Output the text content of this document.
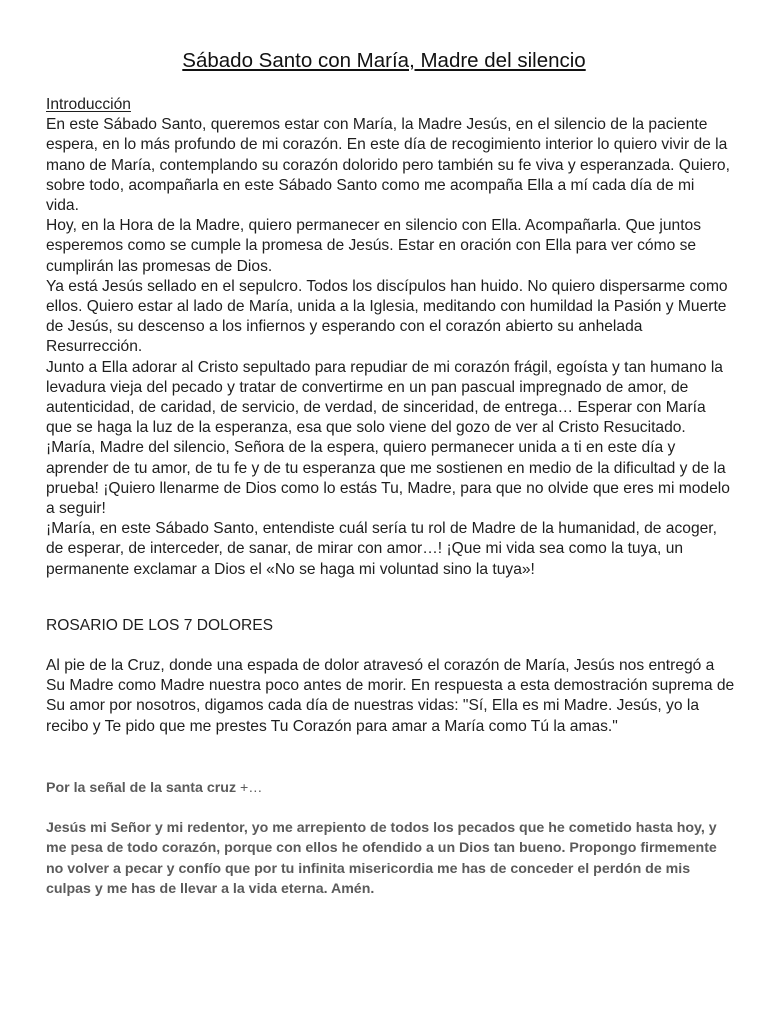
Sábado Santo con María, Madre del silencio

Introducción

En este Sábado Santo, queremos estar con María, la Madre Jesús, en el silencio de la paciente espera, en lo más profundo de mi corazón. En este día de recogimiento interior lo quiero vivir de la mano de María, contemplando su corazón dolorido pero también su fe viva y esperanzada. Quiero, sobre todo, acompañarla en este Sábado Santo como me acompaña Ella a mí cada día de mi vida.

Hoy, en la Hora de la Madre, quiero permanecer en silencio con Ella. Acompañarla. Que juntos esperemos como se cumple la promesa de Jesús. Estar en oración con Ella para ver cómo se cumplirán las promesas de Dios.

Ya está Jesús sellado en el sepulcro. Todos los discípulos han huido. No quiero dispersarme como ellos. Quiero estar al lado de María, unida a la Iglesia, meditando con humildad la Pasión y Muerte de Jesús, su descenso a los infiernos y esperando con el corazón abierto su anhelada Resurrección.

Junto a Ella adorar al Cristo sepultado para repudiar de mi corazón frágil, egoísta y tan humano la levadura vieja del pecado y tratar de convertirme en un pan pascual impregnado de amor, de autenticidad, de caridad, de servicio, de verdad, de sinceridad, de entrega… Esperar con María que se haga la luz de la esperanza, esa que solo viene del gozo de ver al Cristo Resucitado.

¡María, Madre del silencio, Señora de la espera, quiero permanecer unida a ti en este día y aprender de tu amor, de tu fe y de tu esperanza que me sostienen en medio de la dificultad y de la prueba! ¡Quiero llenarme de Dios como lo estás Tu, Madre, para que no olvide que eres mi modelo a seguir!

¡María, en este Sábado Santo, entendiste cuál sería tu rol de Madre de la humanidad, de acoger, de esperar, de interceder, de sanar, de mirar con amor…! ¡Que mi vida sea como la tuya, un permanente exclamar a Dios el «No se haga mi voluntad sino la tuya»!

ROSARIO DE LOS 7 DOLORES

Al pie de la Cruz, donde una espada de dolor atravesó el corazón de María, Jesús nos entregó a Su Madre como Madre nuestra poco antes de morir. En respuesta a esta demostración suprema de Su amor por nosotros, digamos cada día de nuestras vidas: "Sí, Ella es mi Madre. Jesús, yo la recibo y Te pido que me prestes Tu Corazón para amar a María como Tú la amas."

Por la señal de la santa cruz +…

Jesús mi Señor y mi redentor, yo me arrepiento de todos los pecados que he cometido hasta hoy, y me pesa de todo corazón, porque con ellos he ofendido a un Dios tan bueno. Propongo firmemente no volver a pecar y confío que por tu infinita misericordia me has de conceder el perdón de mis culpas y me has de llevar a la vida eterna. Amén.
